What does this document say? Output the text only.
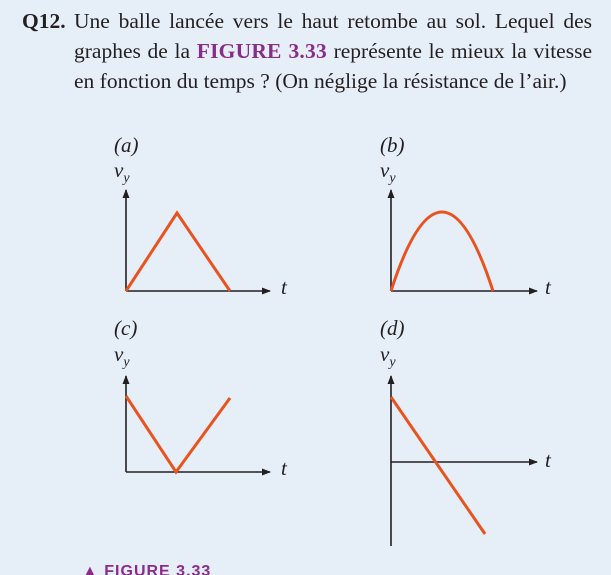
Q12. Une balle lancée vers le haut retombe au sol. Lequel des graphes de la FIGURE 3.33 représente le mieux la vitesse en fonction du temps ? (On néglige la résistance de l’air.)
(a)	(b)
(c)	(d)
$v_y$	$v_y$
$v_y$	$v_y$
t	t
t	t
▲ FIGURE 3.33
